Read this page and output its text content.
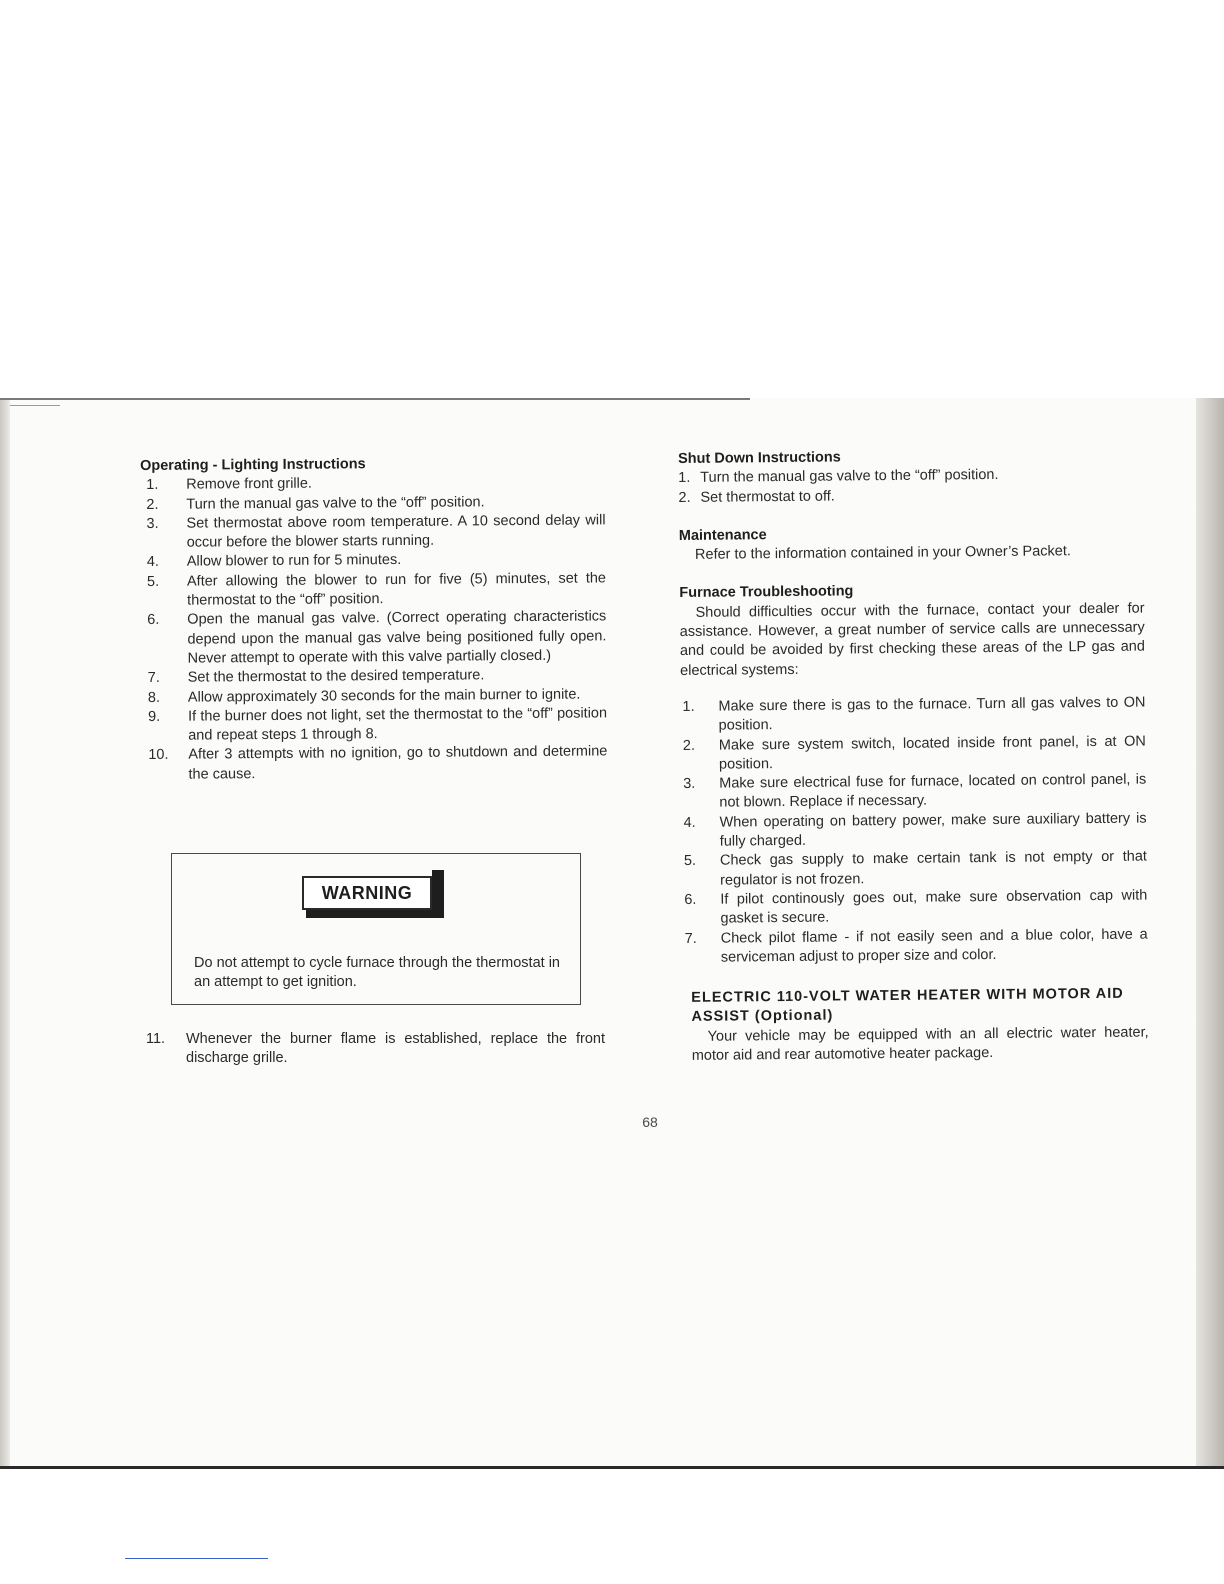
Operating - Lighting Instructions
1.	Remove front grille.
2.	Turn the manual gas valve to the “off” position.
3.	Set thermostat above room temperature. A 10 second delay will occur before the blower starts running.
4.	Allow blower to run for 5 minutes.
5.	After allowing the blower to run for five (5) minutes, set the thermostat to the “off” position.
6.	Open the manual gas valve. (Correct operating characteristics depend upon the manual gas valve being positioned fully open. Never attempt to operate with this valve partially closed.)
7.	Set the thermostat to the desired temperature.
8.	Allow approximately 30 seconds for the main burner to ignite.
9.	If the burner does not light, set the thermostat to the “off” position and repeat steps 1 through 8.
10.	After 3 attempts with no ignition, go to shutdown and determine the cause.
WARNING
Do not attempt to cycle furnace through the thermostat in an attempt to get ignition.
11.	Whenever the burner flame is established, replace the front discharge grille.
Shut Down Instructions
1. Turn the manual gas valve to the “off” position.
2. Set thermostat to off.
Maintenance
Refer to the information contained in your Owner’s Packet.
Furnace Troubleshooting
Should difficulties occur with the furnace, contact your dealer for assistance. However, a great number of service calls are unnecessary and could be avoided by first checking these areas of the LP gas and electrical systems:
1.	Make sure there is gas to the furnace. Turn all gas valves to ON position.
2.	Make sure system switch, located inside front panel, is at ON position.
3.	Make sure electrical fuse for furnace, located on control panel, is not blown. Replace if necessary.
4.	When operating on battery power, make sure auxiliary battery is fully charged.
5.	Check gas supply to make certain tank is not empty or that regulator is not frozen.
6.	If pilot continously goes out, make sure observation cap with gasket is secure.
7.	Check pilot flame - if not easily seen and a blue color, have a serviceman adjust to proper size and color.
ELECTRIC 110-VOLT WATER HEATER WITH MOTOR AID ASSIST (Optional)
Your vehicle may be equipped with an all electric water heater, motor aid and rear automotive heater package.
68
